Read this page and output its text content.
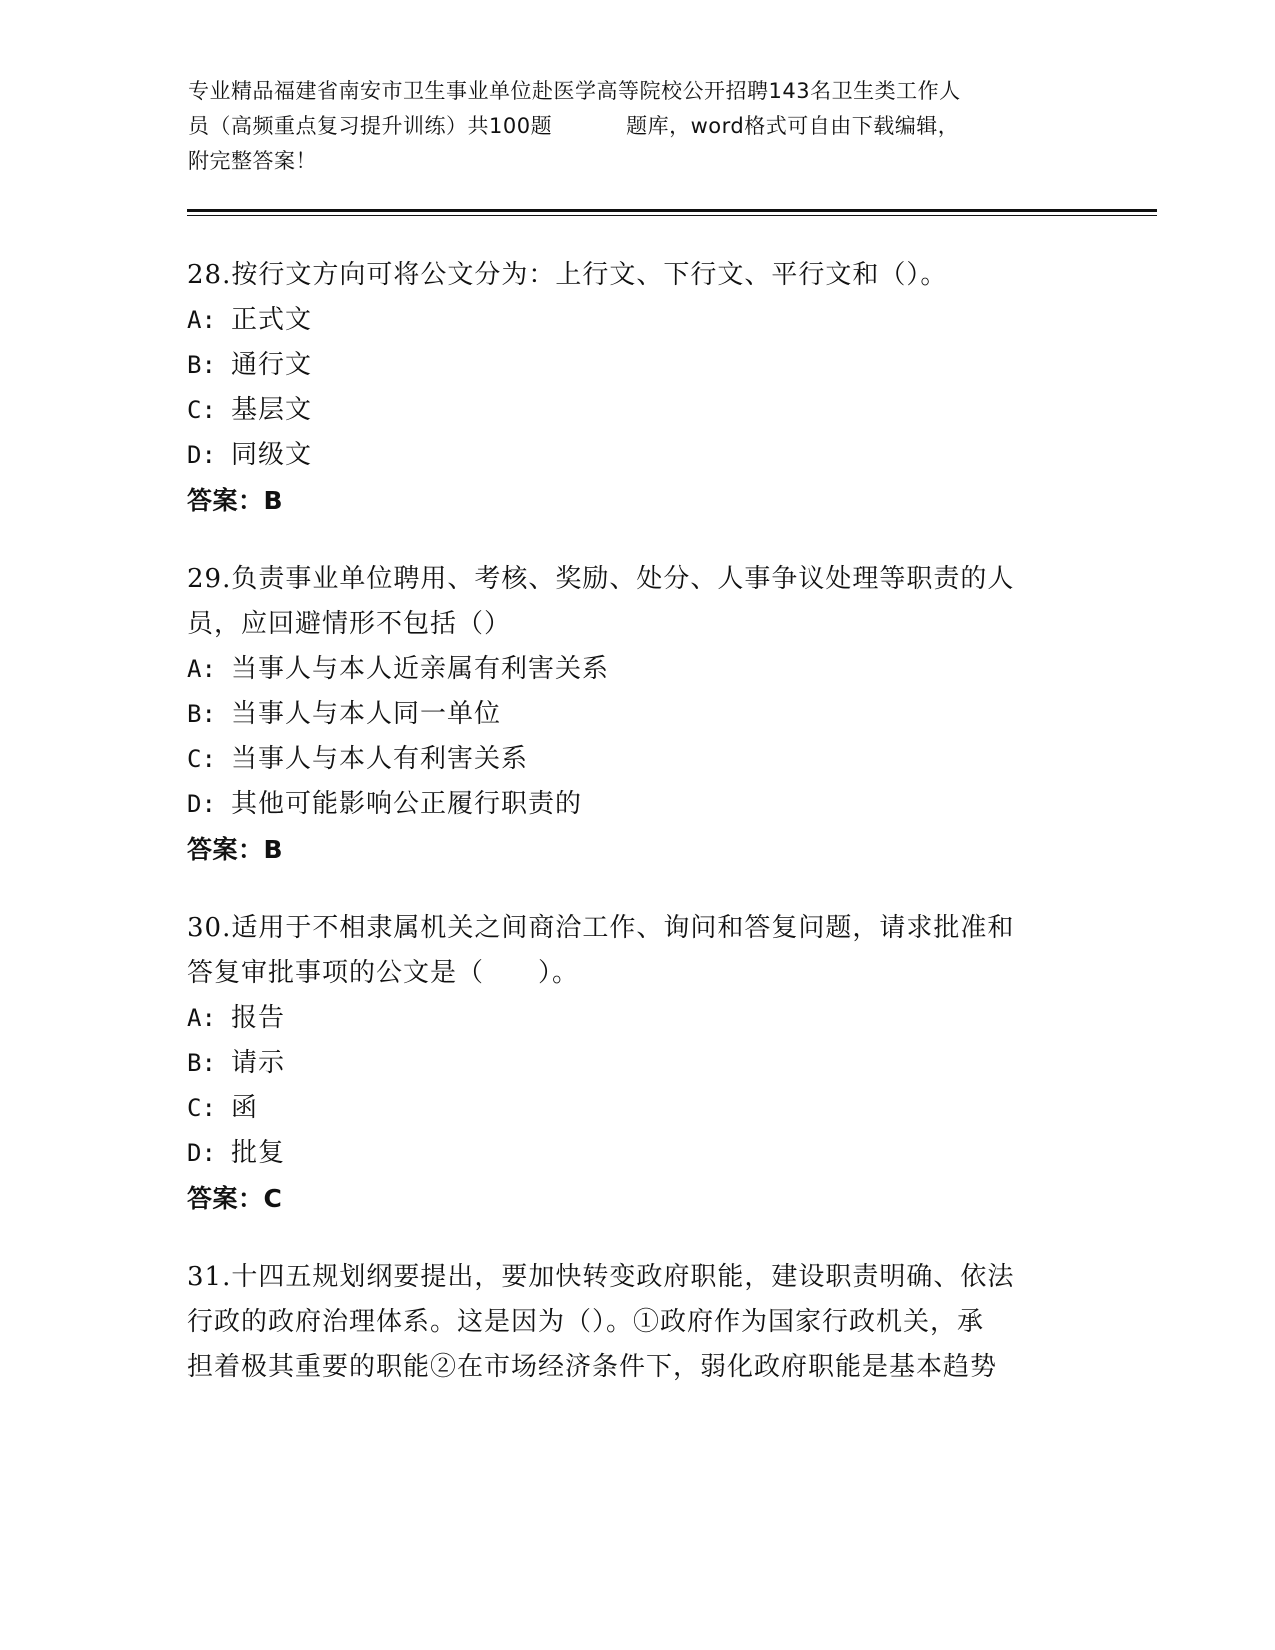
专业精品福建省南安市卫生事业单位赴医学高等院校公开招聘143名卫生类工作人
员（高频重点复习提升训练）共100题	题库，word格式可自由下载编辑，
附完整答案！
28.按行文方向可将公文分为：上行文、下行文、平行文和（）。
A: 正式文
B: 通行文
C: 基层文
D: 同级文
答案：B
29.负责事业单位聘用、考核、奖励、处分、人事争议处理等职责的人
员，应回避情形不包括（）
A: 当事人与本人近亲属有利害关系
B: 当事人与本人同一单位
C: 当事人与本人有利害关系
D: 其他可能影响公正履行职责的
答案：B
30.适用于不相隶属机关之间商洽工作、询问和答复问题，请求批准和
答复审批事项的公文是（　　）。
A: 报告
B: 请示
C: 函
D: 批复
答案：C
31.十四五规划纲要提出，要加快转变政府职能，建设职责明确、依法
行政的政府治理体系。这是因为（）。①政府作为国家行政机关，承
担着极其重要的职能②在市场经济条件下，弱化政府职能是基本趋势
